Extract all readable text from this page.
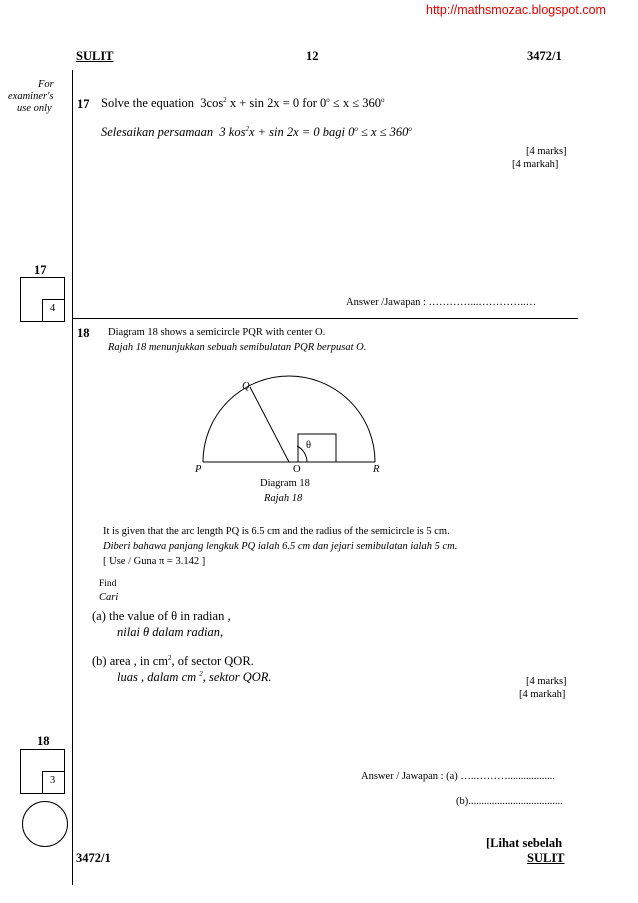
http://mathsmozac.blogspot.com
SULIT	12	3472/1
For
examiner's
use only 17 Solve the equation $3\cos^2$ x + sin 2x = 0 for $0^o \le x \le 360^o$
Selesaikan persamaan 3 kos$^2$x + sin 2x = 0 bagi $0^o \le x \le 360^o$
[4 marks]
[4 markah]
17
4
Answer /Jawapan : …………...…………..…
18 Diagram 18 shows a semicircle PQR with center O.
Rajah 18 menunjukkan sebuah semibulatan PQR berpusat O.
Q
θ
P	O	R
Diagram 18
Rajah 18
It is given that the arc length PQ is 6.5 cm and the radius of the semicircle is 5 cm.
Diberi bahawa panjang lengkuk PQ ialah 6.5 cm dan jejari semibulatan ialah 5 cm.
[ Use / Guna π = 3.142 ]
Find
Cari
(a) the value of θ in radian ,
nilai θ dalam radian,
(b) area , in $cm^2$, of sector QOR.
luas , dalam cm $^2$, sektor QOR.	[4 marks]
[4 markah]
18
3	Answer / Jawapan : (a) …..………..................
(b)....................................
[Lihat sebelah
3472/1	SULIT
